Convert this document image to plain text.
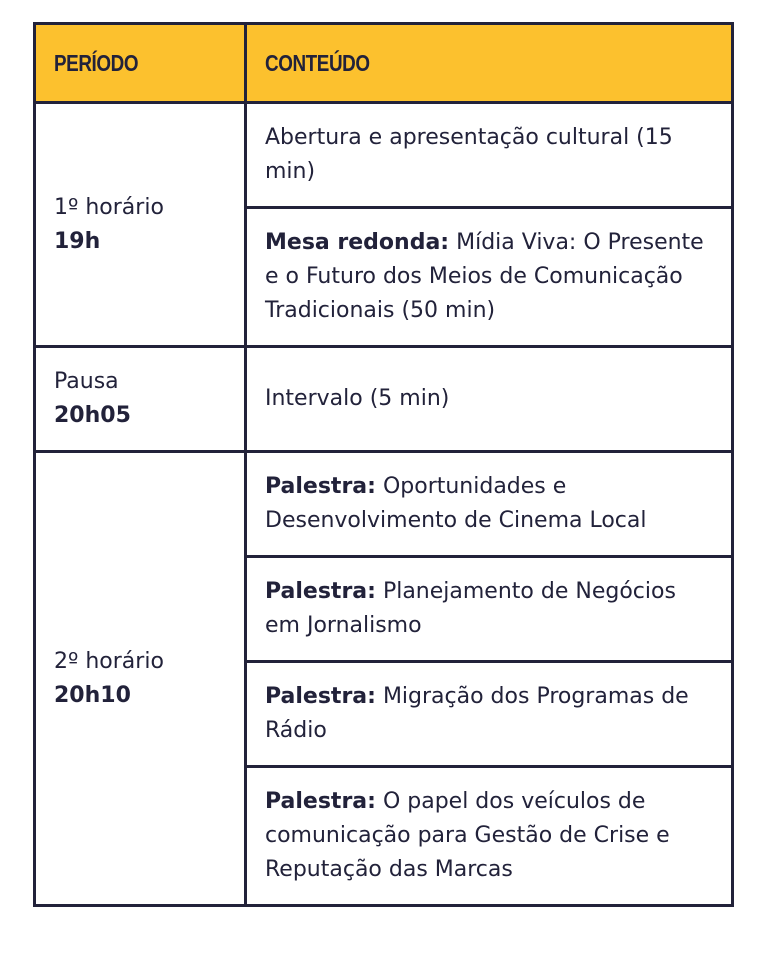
PERÍODO	CONTEÚDO

1º horário
19h	Abertura e apresentação cultural (15 min)
	Mesa redonda: Mídia Viva: O Presente e o Futuro dos Meios de Comunicação Tradicionais (50 min)

Pausa
20h05	Intervalo (5 min)

2º horário
20h10	Palestra: Oportunidades e Desenvolvimento de Cinema Local
	Palestra: Planejamento de Negócios em Jornalismo
	Palestra: Migração dos Programas de Rádio
	Palestra: O papel dos veículos de comunicação para Gestão de Crise e Reputação das Marcas
